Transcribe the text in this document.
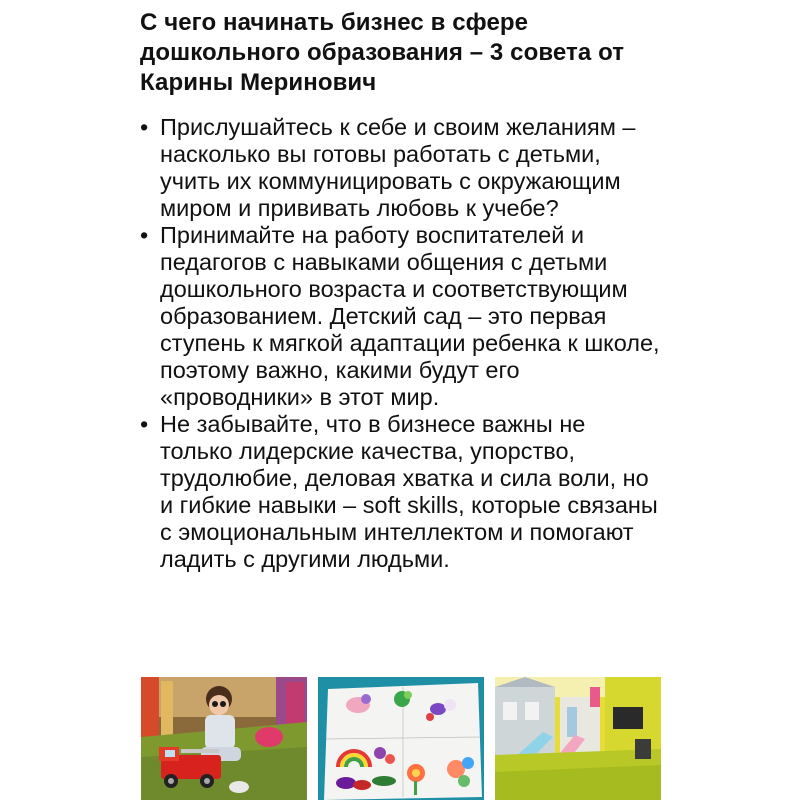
С чего начинать бизнес в сфере дошкольного образования – 3 совета от Карины Меринович
• Прислушайтесь к себе и своим желаниям – насколько вы готовы работать с детьми, учить их коммуницировать с окружающим миром и прививать любовь к учебе?
• Принимайте на работу воспитателей и педагогов с навыками общения с детьми дошкольного возраста и соответствующим образованием. Детский сад – это первая ступень к мягкой адаптации ребенка к школе, поэтому важно, какими будут его «проводники» в этот мир.
• Не забывайте, что в бизнесе важны не только лидерские качества, упорство, трудолюбие, деловая хватка и сила воли, но и гибкие навыки – soft skills, которые связаны с эмоциональным интеллектом и помогают ладить с другими людьми.
